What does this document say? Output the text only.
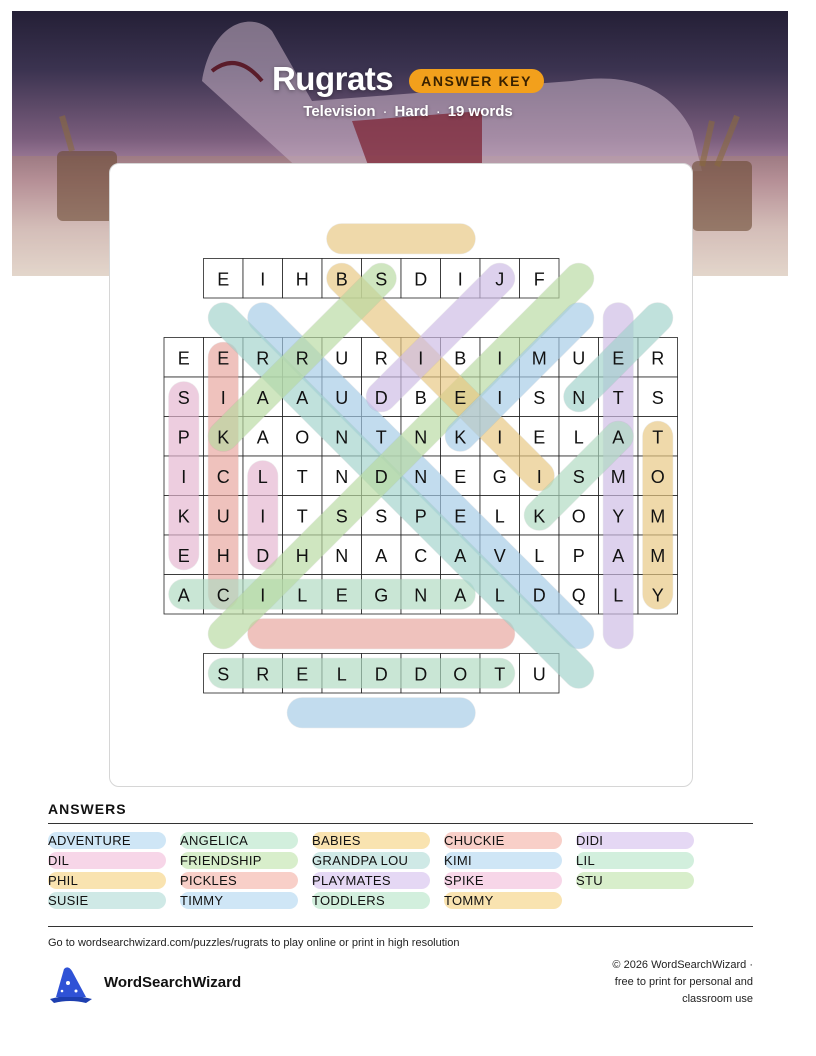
Rugrats	ANSWER KEY
Television · Hard · 19 words
E I H B S D I J F
E E R R U R I B I M U E R
S I A A U D B E I S N T S
P K A O N T N K I E L A T
I C L T N D N E G I S M O
K U I T S S P E L K O Y M
E H D H N A C A V L P A M
A C I L E G N A L D Q L Y
S R E L D D O T U
ANSWERS
ADVENTURE	ANGELICA	BABIES	CHUCKIE	DIDI
DIL	FRIENDSHIP	GRANDPA LOU	KIMI	LIL
PHIL	PICKLES	PLAYMATES	SPIKE	STU
SUSIE	TIMMY	TODDLERS	TOMMY
Go to wordsearchwizard.com/puzzles/rugrats to play online or print in high resolution
WordSearchWizard
© 2026 WordSearchWizard ·
free to print for personal and
classroom use
